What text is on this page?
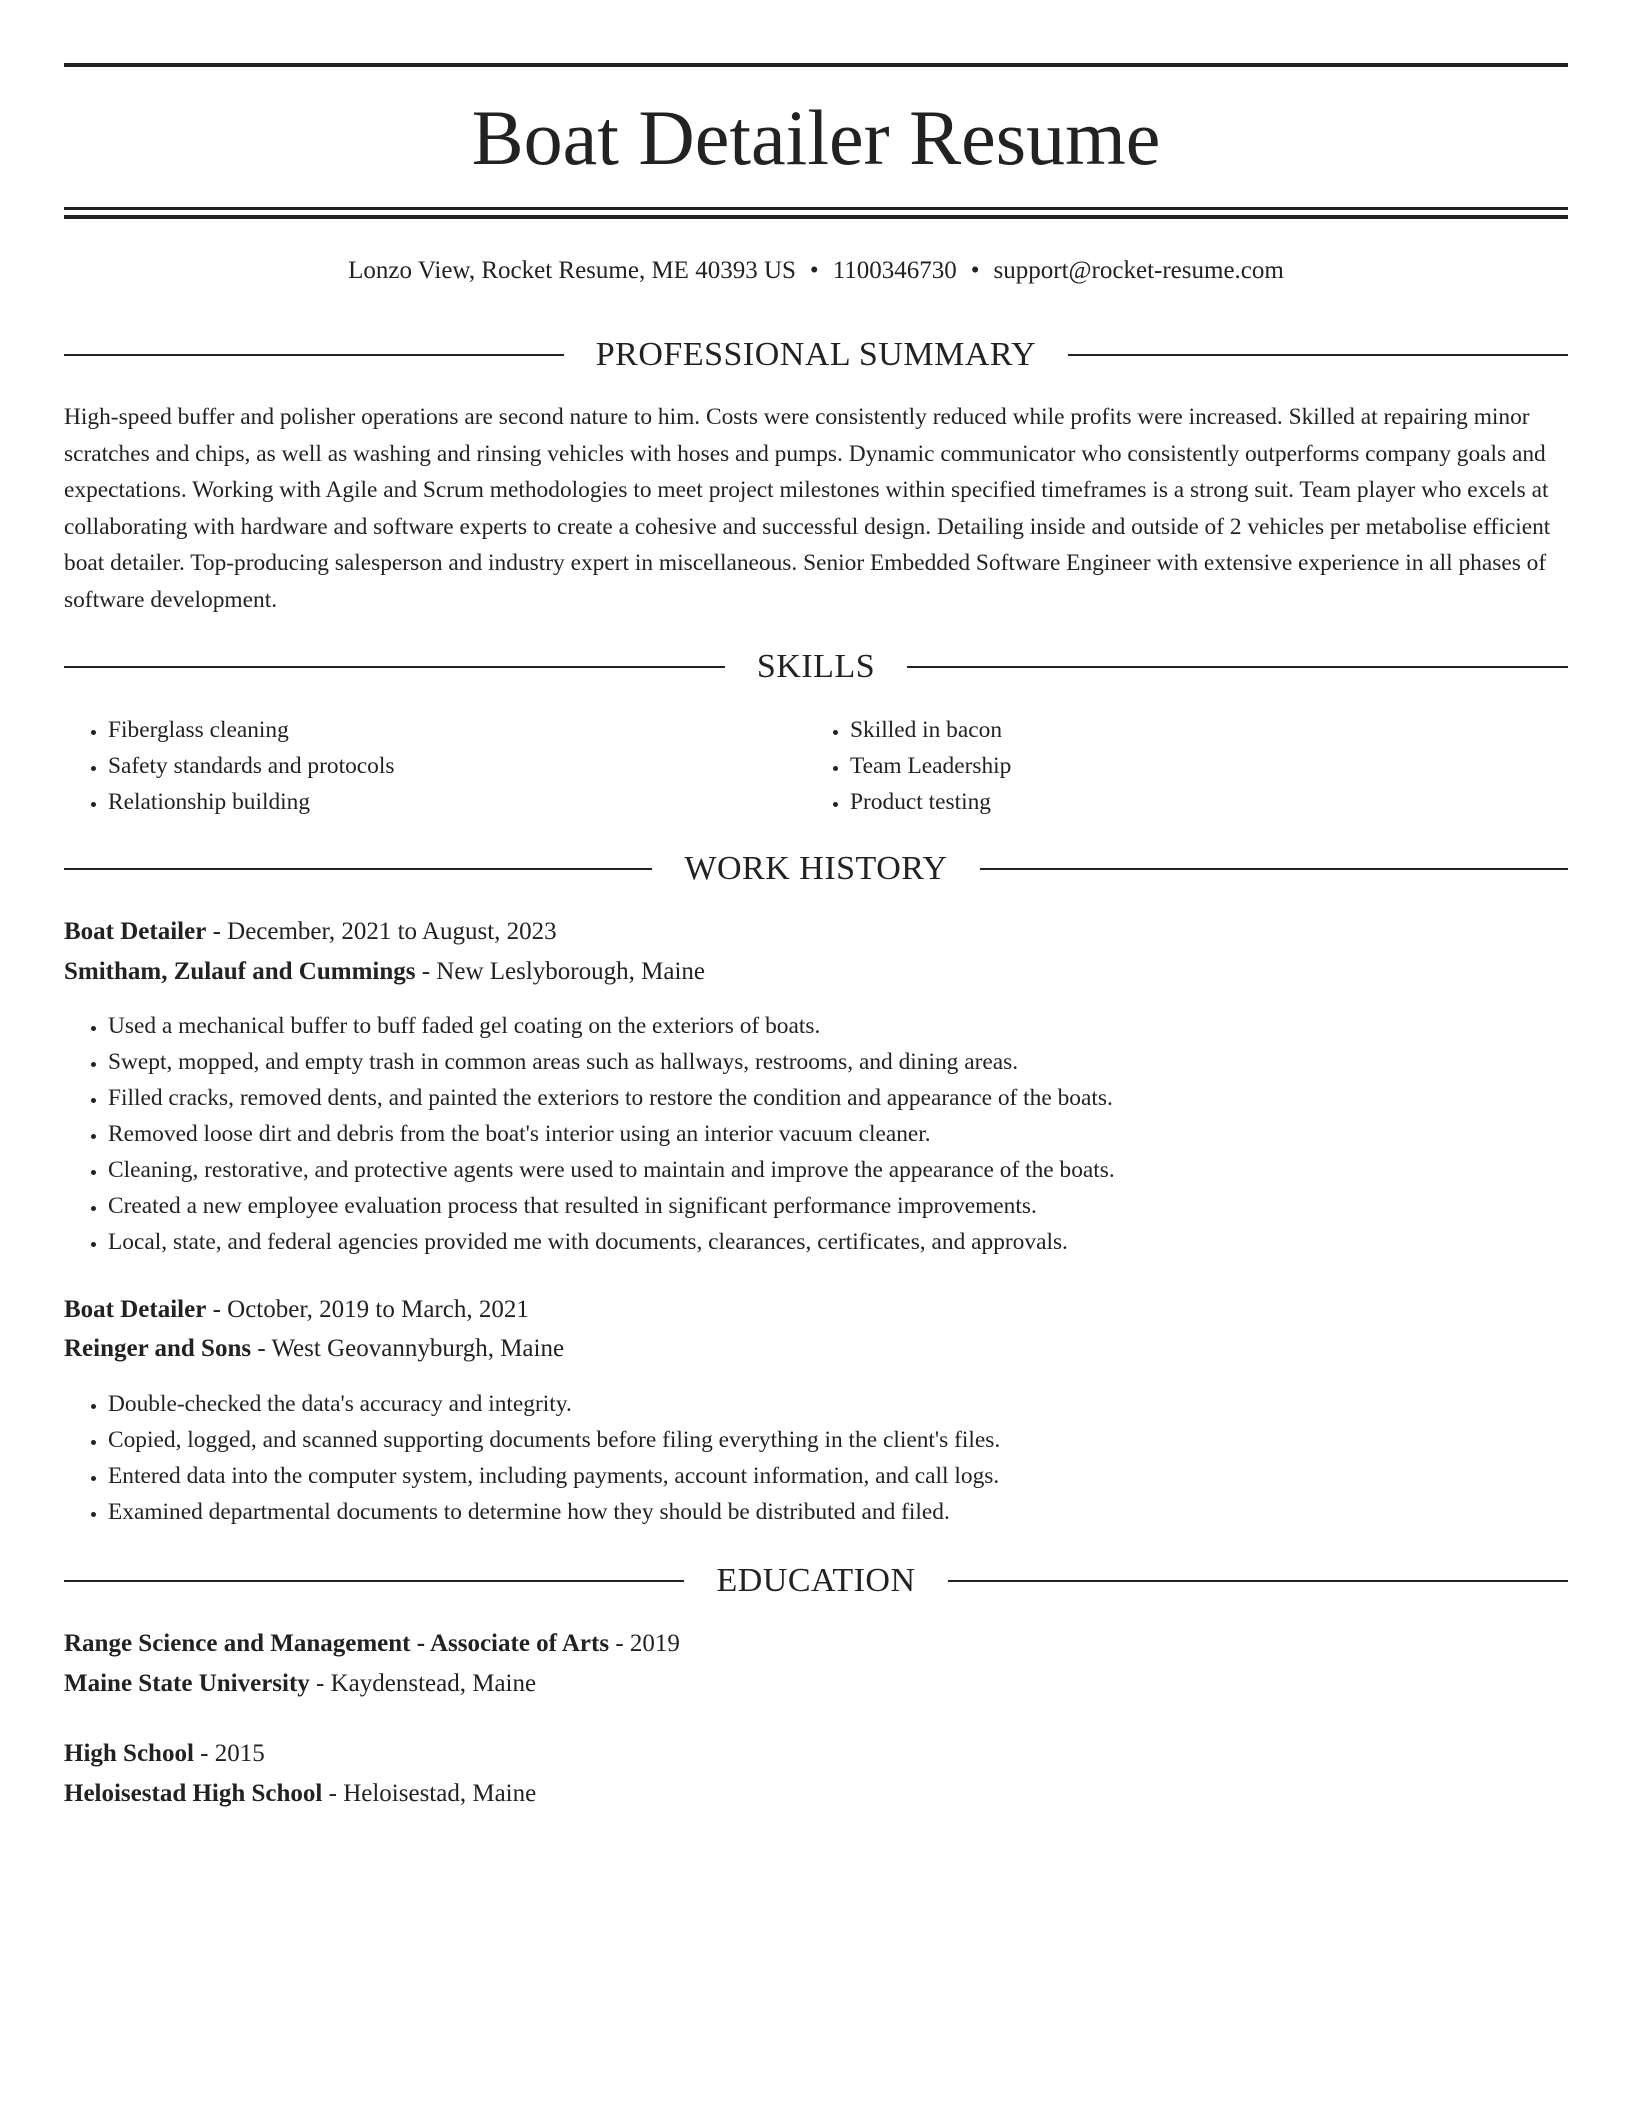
Boat Detailer Resume
Lonzo View, Rocket Resume, ME 40393 US • 1100346730 • support@rocket-resume.com
PROFESSIONAL SUMMARY

High-speed buffer and polisher operations are second nature to him. Costs were consistently reduced while profits were increased. Skilled at repairing minor scratches and chips, as well as washing and rinsing vehicles with hoses and pumps. Dynamic communicator who consistently outperforms company goals and expectations. Working with Agile and Scrum methodologies to meet project milestones within specified timeframes is a strong suit. Team player who excels at collaborating with hardware and software experts to create a cohesive and successful design. Detailing inside and outside of 2 vehicles per metabolise efficient boat detailer. Top-producing salesperson and industry expert in miscellaneous. Senior Embedded Software Engineer with extensive experience in all phases of software development.

SKILLS
• Fiberglass cleaning
• Safety standards and protocols
• Relationship building
• Skilled in bacon
• Team Leadership
• Product testing
WORK HISTORY
Boat Detailer - December, 2021 to August, 2023
Smitham, Zulauf and Cummings - New Leslyborough, Maine
• Used a mechanical buffer to buff faded gel coating on the exteriors of boats.
• Swept, mopped, and empty trash in common areas such as hallways, restrooms, and dining areas.
• Filled cracks, removed dents, and painted the exteriors to restore the condition and appearance of the boats.
• Removed loose dirt and debris from the boat's interior using an interior vacuum cleaner.
• Cleaning, restorative, and protective agents were used to maintain and improve the appearance of the boats.
• Created a new employee evaluation process that resulted in significant performance improvements.
• Local, state, and federal agencies provided me with documents, clearances, certificates, and approvals.
Boat Detailer - October, 2019 to March, 2021
Reinger and Sons - West Geovannyburgh, Maine
• Double-checked the data's accuracy and integrity.
• Copied, logged, and scanned supporting documents before filing everything in the client's files.
• Entered data into the computer system, including payments, account information, and call logs.
• Examined departmental documents to determine how they should be distributed and filed.
EDUCATION
Range Science and Management - Associate of Arts - 2019
Maine State University - Kaydenstead, Maine
High School - 2015
Heloisestad High School - Heloisestad, Maine
